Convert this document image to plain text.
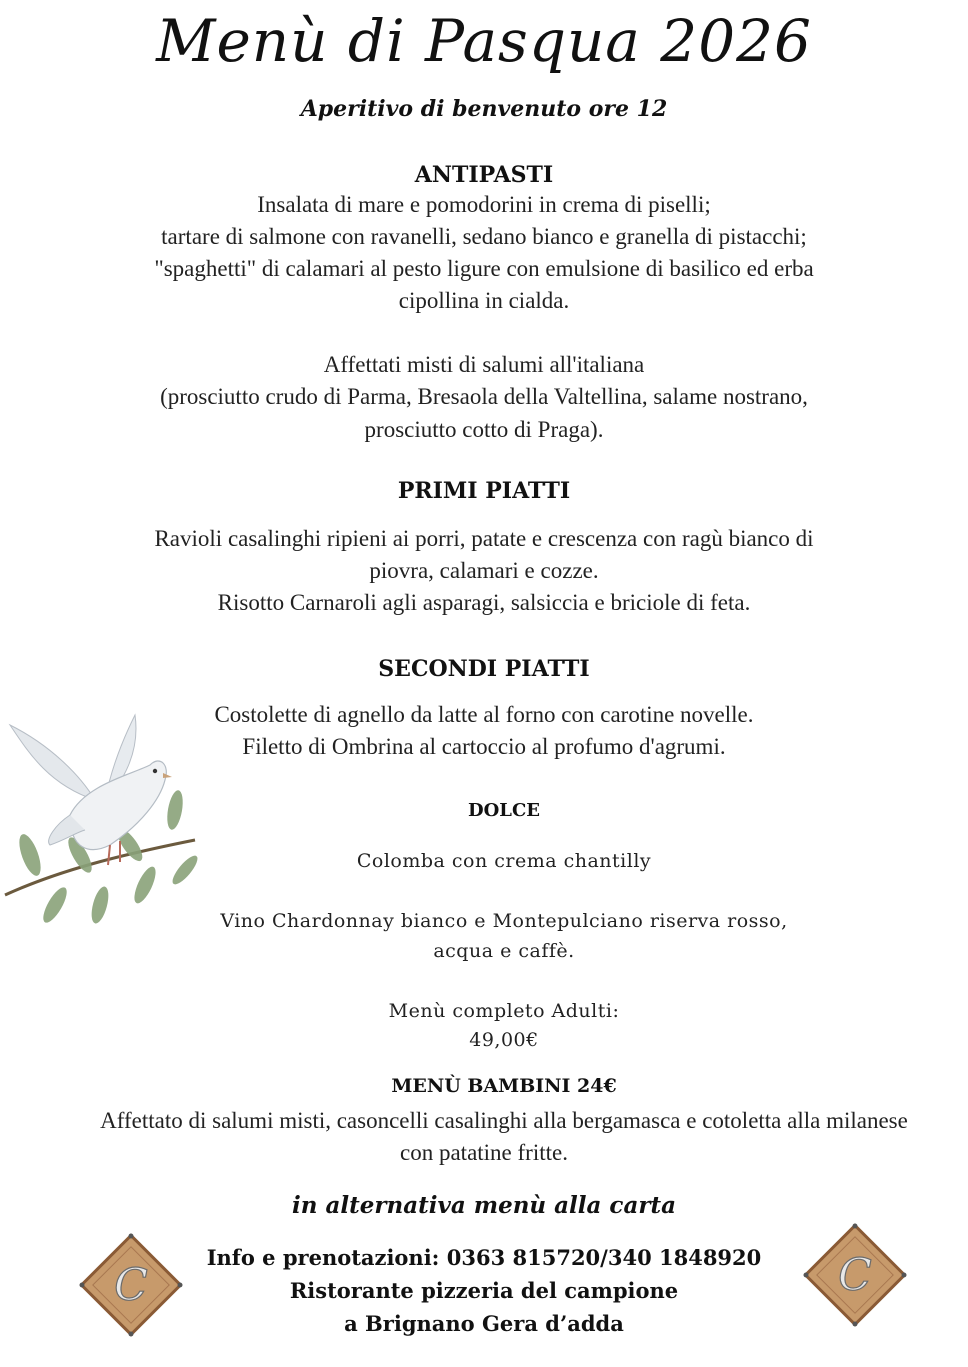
Menù di Pasqua 2026
Aperitivo di benvenuto ore 12
ANTIPASTI
Insalata di mare e pomodorini in crema di piselli;
tartare di salmone con ravanelli, sedano bianco e granella di pistacchi;
"spaghetti" di calamari al pesto ligure con emulsione di basilico ed erba
cipollina in cialda.
Affettati misti di salumi all'italiana
(prosciutto crudo di Parma, Bresaola della Valtellina, salame nostrano,
prosciutto cotto di Praga).
PRIMI PIATTI
Ravioli casalinghi ripieni ai porri, patate e crescenza con ragù bianco di
piovra, calamari e cozze.
Risotto Carnaroli agli asparagi, salsiccia e briciole di feta.
SECONDI PIATTI
Costolette di agnello da latte al forno con carotine novelle.
Filetto di Ombrina al cartoccio al profumo d'agrumi.
DOLCE
Colomba con crema chantilly
Vino Chardonnay bianco e Montepulciano riserva rosso,
acqua e caffè.
Menù completo Adulti:
49,00€
MENÙ BAMBINI 24€
Affettato di salumi misti, casoncelli casalinghi alla bergamasca e cotoletta alla milanese
con patatine fritte.
in alternativa menù alla carta
Info e prenotazioni: 0363 815720/340 1848920
Ristorante pizzeria del campione
a Brignano Gera d’adda
C	C
